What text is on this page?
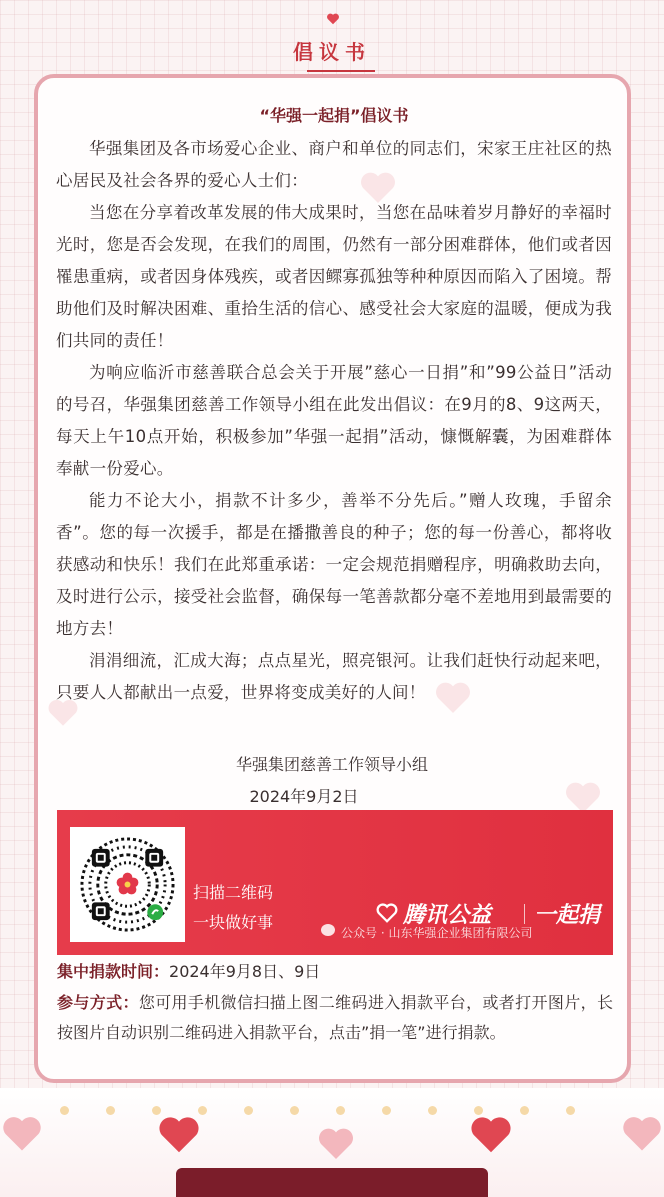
倡议书
“华强一起捐”倡议书

华强集团及各市场爱心企业、商户和单位的同志们，宋家王庄社区的热心居民及社会各界的爱心人士们：

当您在分享着改革发展的伟大成果时，当您在品味着岁月静好的幸福时光时，您是否会发现，在我们的周围，仍然有一部分困难群体，他们或者因罹患重病，或者因身体残疾，或者因鳏寡孤独等种种原因而陷入了困境。帮助他们及时解决困难、重拾生活的信心、感受社会大家庭的温暖，便成为我们共同的责任！

为响应临沂市慈善联合总会关于开展”慈心一日捐”和”99公益日”活动的号召，华强集团慈善工作领导小组在此发出倡议：在9月的8、9这两天，每天上午10点开始，积极参加”华强一起捐”活动，慷慨解囊，为困难群体奉献一份爱心。

能力不论大小，捐款不计多少，善举不分先后。”赠人玫瑰，手留余香”。您的每一次援手，都是在播撒善良的种子；您的每一份善心，都将收获感动和快乐！我们在此郑重承诺：一定会规范捐赠程序，明确救助去向，及时进行公示，接受社会监督，确保每一笔善款都分毫不差地用到最需要的地方去！

涓涓细流，汇成大海；点点星光，照亮银河。让我们赶快行动起来吧，只要人人都献出一点爱，世界将变成美好的人间！

华强集团慈善工作领导小组
2024年9月2日
扫描二维码
一块做好事	腾讯公益 一起捐
公众号 · 山东华强企业集团有限公司

集中捐款时间：2024年9月8日、9日

参与方式：您可用手机微信扫描上图二维码进入捐款平台，或者打开图片，长按图片自动识别二维码进入捐款平台，点击”捐一笔”进行捐款。
